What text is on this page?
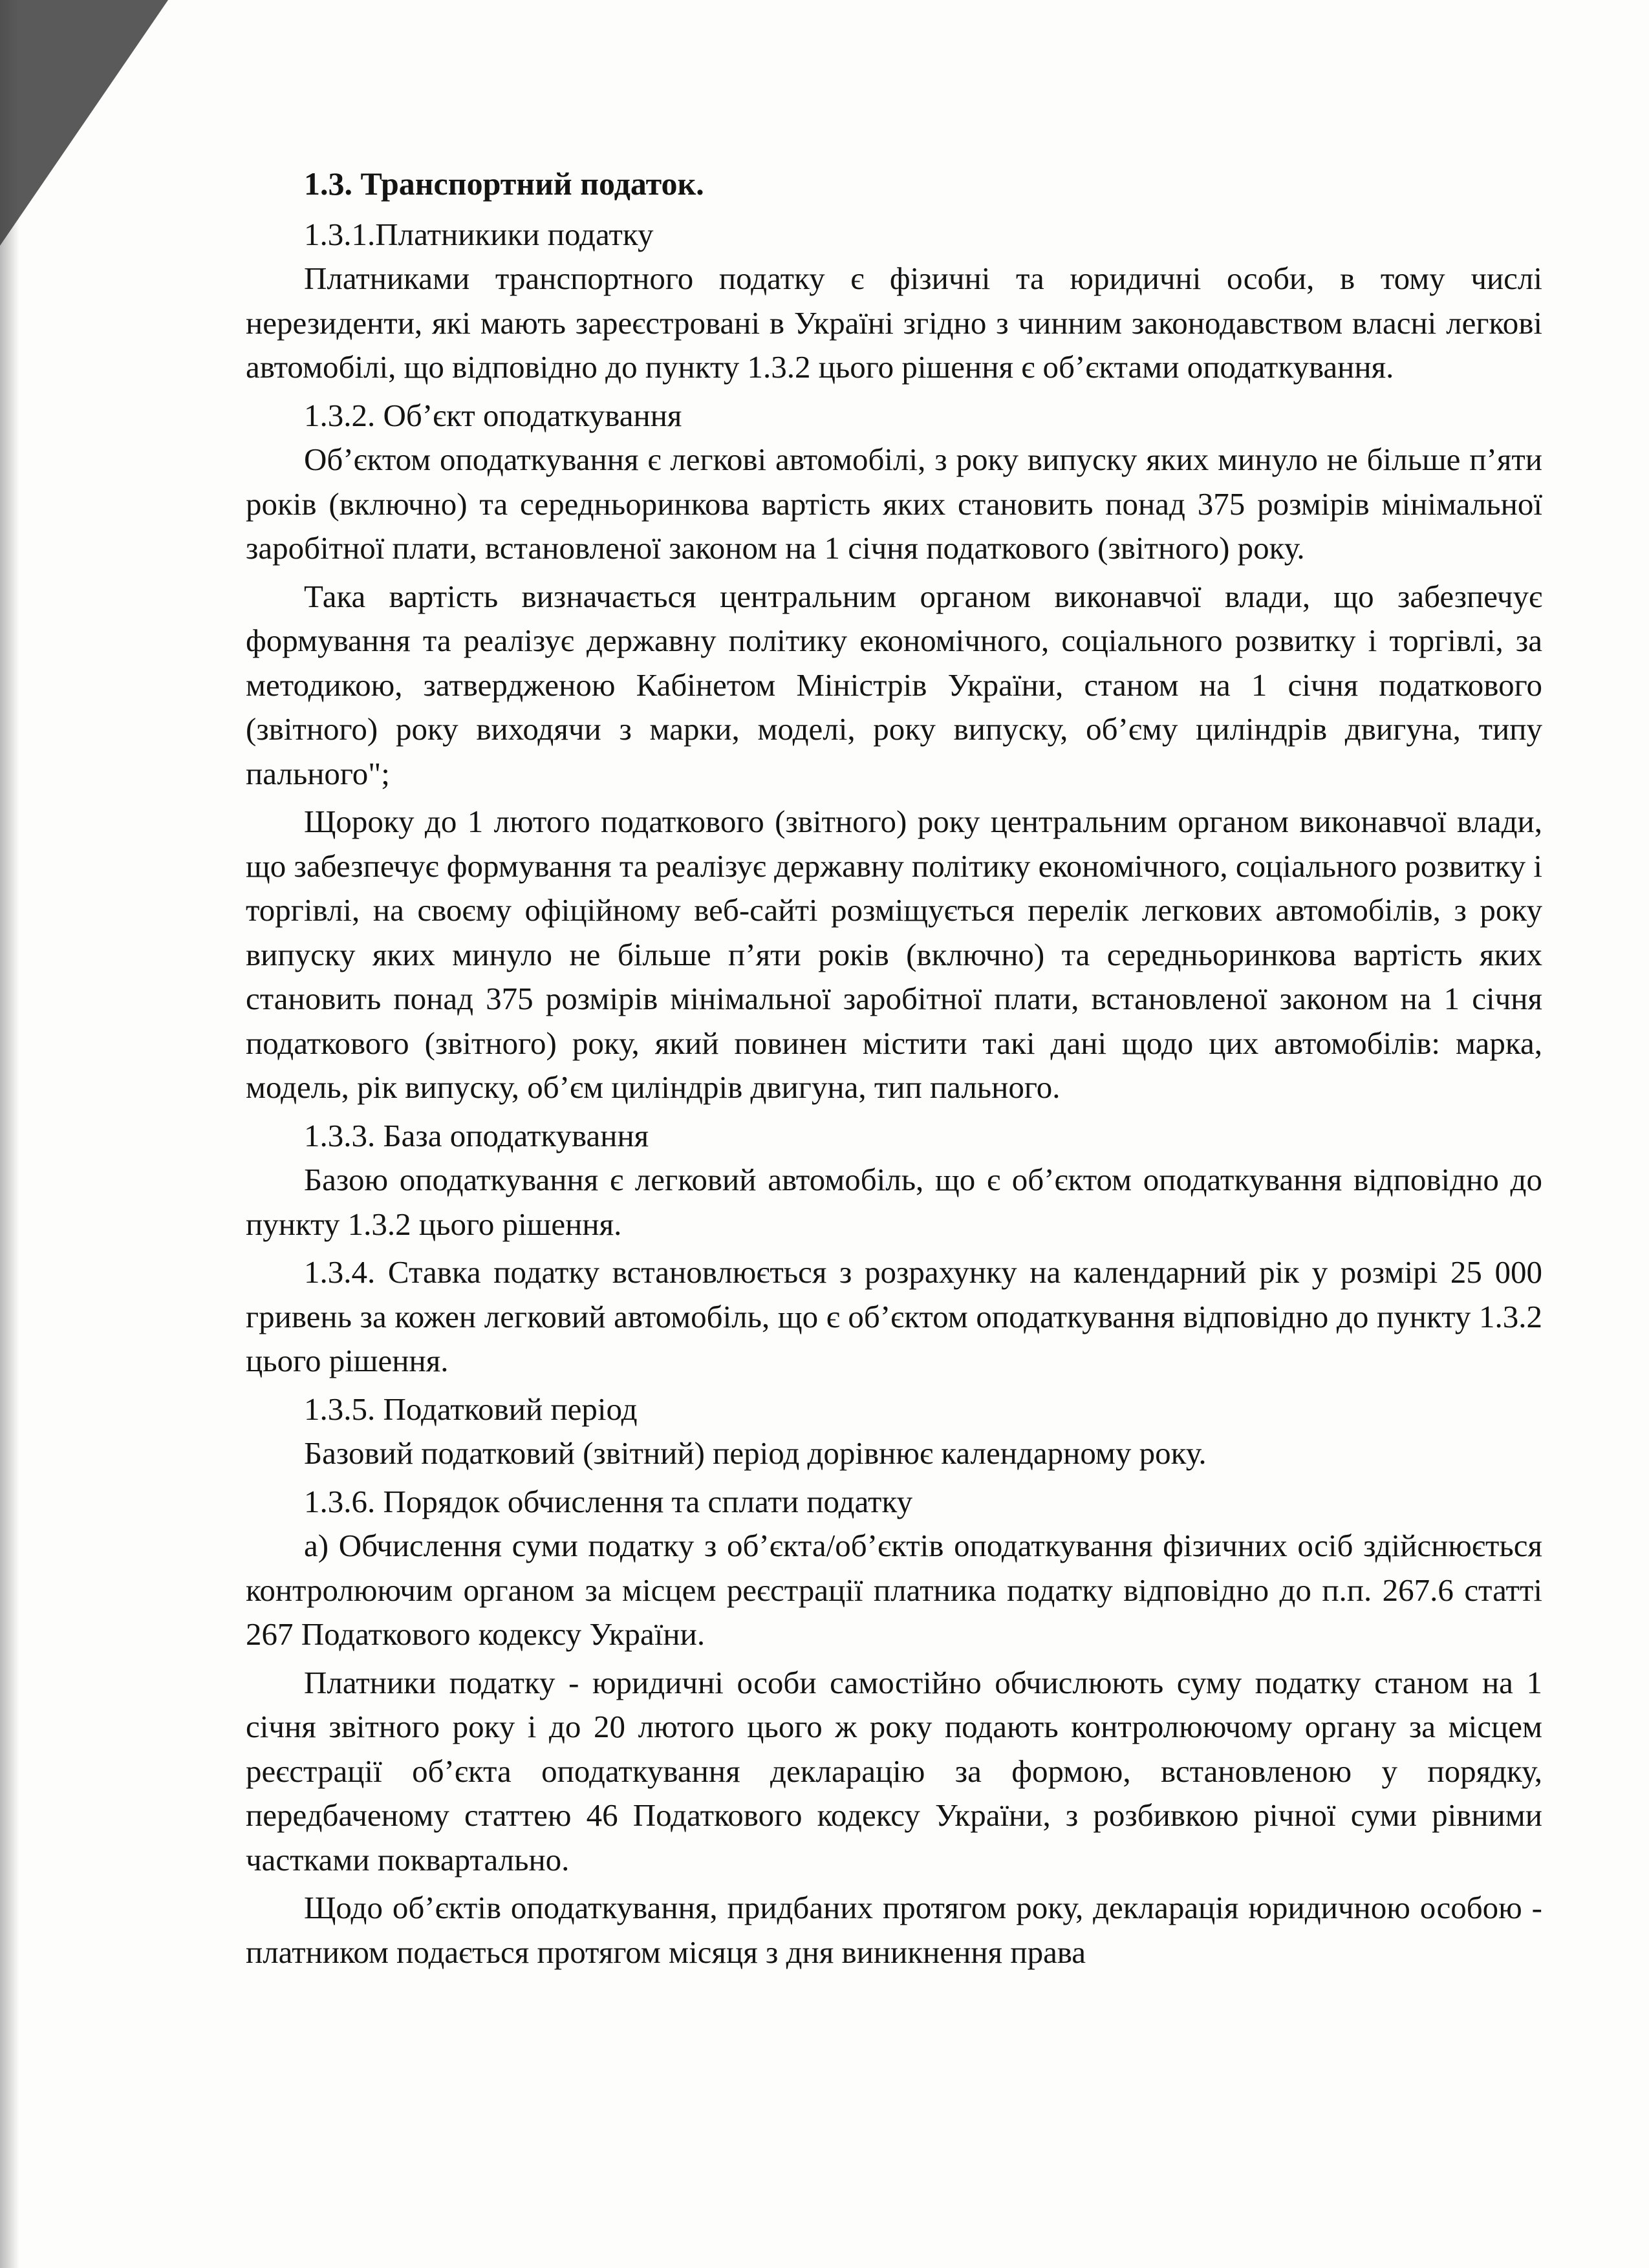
1.3. Транспортний податок.

1.3.1.Платникики податку

Платниками транспортного податку є фізичні та юридичні особи, в тому числі нерезиденти, які мають зареєстровані в Україні згідно з чинним законодавством власні легкові автомобілі, що відповідно до пункту 1.3.2 цього рішення є об’єктами оподаткування.

1.3.2. Об’єкт оподаткування

Об’єктом оподаткування є легкові автомобілі, з року випуску яких минуло не більше п’яти років (включно) та середньоринкова вартість яких становить понад 375 розмірів мінімальної заробітної плати, встановленої законом на 1 січня податкового (звітного) року.

Така вартість визначається центральним органом виконавчої влади, що забезпечує формування та реалізує державну політику економічного, соціального розвитку і торгівлі, за методикою, затвердженою Кабінетом Міністрів України, станом на 1 січня податкового (звітного) року виходячи з марки, моделі, року випуску, об’єму циліндрів двигуна, типу пального";

Щороку до 1 лютого податкового (звітного) року центральним органом виконавчої влади, що забезпечує формування та реалізує державну політику економічного, соціального розвитку і торгівлі, на своєму офіційному веб-сайті розміщується перелік легкових автомобілів, з року випуску яких минуло не більше п’яти років (включно) та середньоринкова вартість яких становить понад 375 розмірів мінімальної заробітної плати, встановленої законом на 1 січня податкового (звітного) року, який повинен містити такі дані щодо цих автомобілів: марка, модель, рік випуску, об’єм циліндрів двигуна, тип пального.

1.3.3. База оподаткування

Базою оподаткування є легковий автомобіль, що є об’єктом оподаткування відповідно до пункту 1.3.2 цього рішення.

1.3.4. Ставка податку встановлюється з розрахунку на календарний рік у розмірі 25 000 гривень за кожен легковий автомобіль, що є об’єктом оподаткування відповідно до пункту 1.3.2 цього рішення.

1.3.5. Податковий період

Базовий податковий (звітний) період дорівнює календарному року.

1.3.6. Порядок обчислення та сплати податку

а) Обчислення суми податку з об’єкта/об’єктів оподаткування фізичних осіб здійснюється контролюючим органом за місцем реєстрації платника податку відповідно до п.п. 267.6 статті 267 Податкового кодексу України.

Платники податку - юридичні особи самостійно обчислюють суму податку станом на 1 січня звітного року і до 20 лютого цього ж року подають контролюючому органу за місцем реєстрації об’єкта оподаткування декларацію за формою, встановленою у порядку, передбаченому статтею 46 Податкового кодексу України, з розбивкою річної суми рівними частками поквартально.

Щодо об’єктів оподаткування, придбаних протягом року, декларація юридичною особою - платником подається протягом місяця з дня виникнення права
